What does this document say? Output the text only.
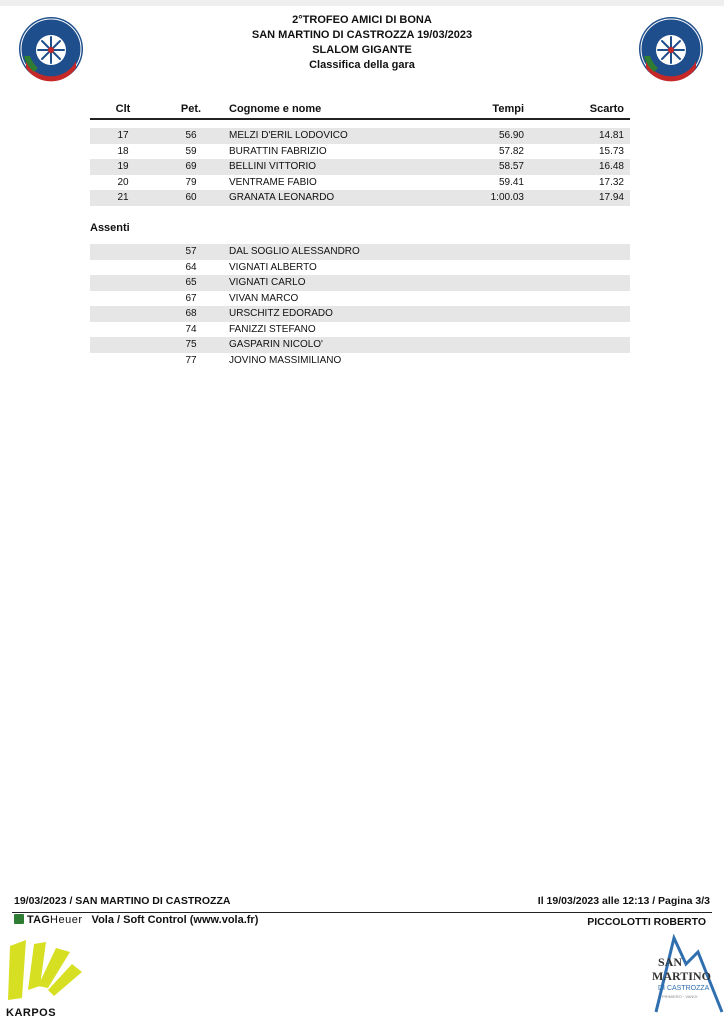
2°TROFEO AMICI DI BONA
SAN MARTINO DI CASTROZZA 19/03/2023
SLALOM GIGANTE
Classifica della gara
Clt	Pet.	Cognome e nome	Tempi	Scarto
17	56	MELZI D'ERIL LODOVICO	56.90	14.81
18	59	BURATTIN FABRIZIO	57.82	15.73
19	69	BELLINI VITTORIO	58.57	16.48
20	79	VENTRAME FABIO	59.41	17.32
21	60	GRANATA LEONARDO	1:00.03	17.94
Assenti
57	DAL SOGLIO ALESSANDRO
64	VIGNATI ALBERTO
65	VIGNATI CARLO
67	VIVAN MARCO
68	URSCHITZ EDORADO
74	FANIZZI STEFANO
75	GASPARIN NICOLO'
77	JOVINO MASSIMILIANO
19/03/2023 / SAN MARTINO DI CASTROZZA	Il 19/03/2023 alle 12:13 / Pagina 3/3
TAGHeuer Vola / Soft Control (www.vola.fr)	PICCOLOTTI ROBERTO
KARPOS
SAN
MARTINO
DI CASTROZZA
PRIMIERO · VANOI
